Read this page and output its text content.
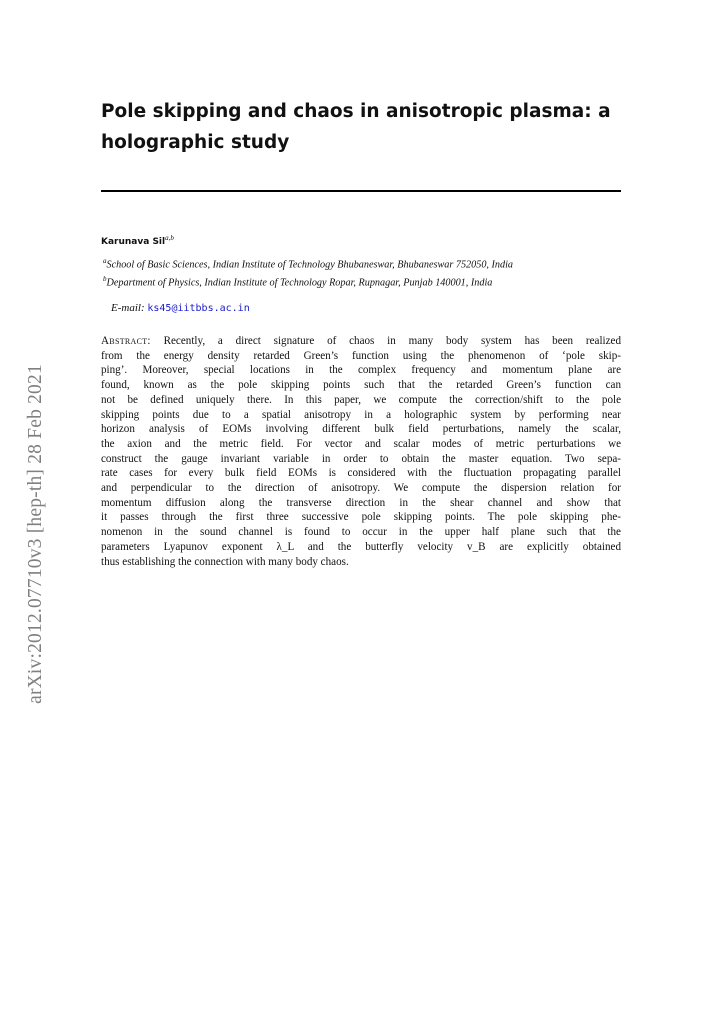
arXiv:2012.07710v3 [hep-th] 28 Feb 2021
Pole skipping and chaos in anisotropic plasma: a
holographic study
Karunava Sil$^{a,b}$
$^a$School of Basic Sciences, Indian Institute of Technology Bhubaneswar, Bhubaneswar 752050, India
$^b$Department of Physics, Indian Institute of Technology Ropar, Rupnagar, Punjab 140001, India
E-mail: ks45@iitbbs.ac.in
Abstract: Recently, a direct signature of chaos in many body system has been realized
from the energy density retarded Green’s function using the phenomenon of ‘pole skip-
ping’. Moreover, special locations in the complex frequency and momentum plane are
found, known as the pole skipping points such that the retarded Green’s function can
not be defined uniquely there. In this paper, we compute the correction/shift to the pole
skipping points due to a spatial anisotropy in a holographic system by performing near
horizon analysis of EOMs involving different bulk field perturbations, namely the scalar,
the axion and the metric field. For vector and scalar modes of metric perturbations we
construct the gauge invariant variable in order to obtain the master equation. Two sepa-
rate cases for every bulk field EOMs is considered with the fluctuation propagating parallel
and perpendicular to the direction of anisotropy. We compute the dispersion relation for
momentum diffusion along the transverse direction in the shear channel and show that
it passes through the first three successive pole skipping points. The pole skipping phe-
nomenon in the sound channel is found to occur in the upper half plane such that the
parameters Lyapunov exponent λ_L and the butterfly velocity v_B are explicitly obtained
thus establishing the connection with many body chaos.
